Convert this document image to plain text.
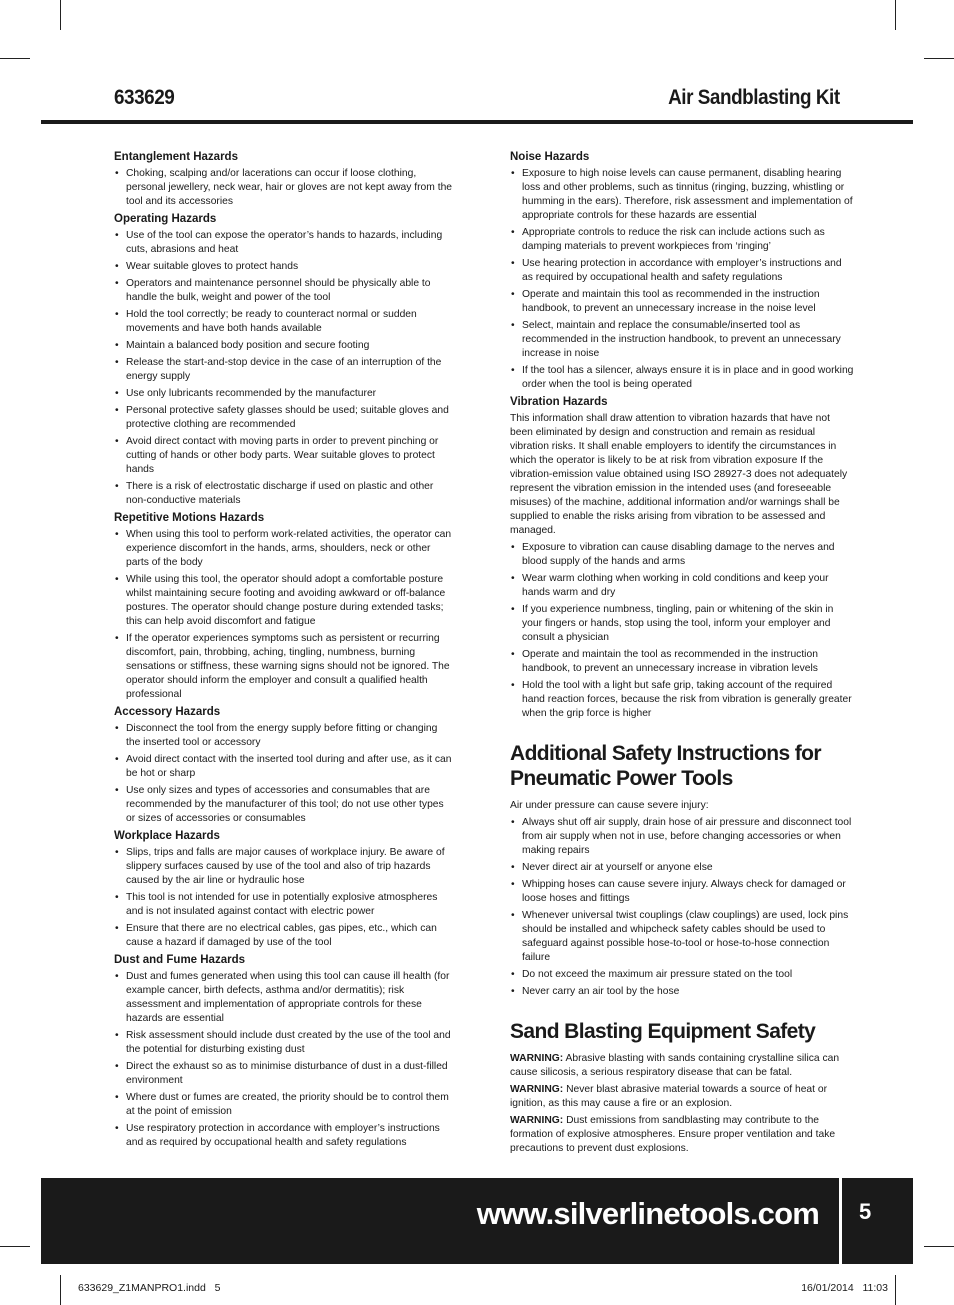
633629	Air Sandblasting Kit
Entanglement Hazards
• Choking, scalping and/or lacerations can occur if loose clothing, personal jewellery, neck wear, hair or gloves are not kept away from the tool and its accessories
Operating Hazards
• Use of the tool can expose the operator’s hands to hazards, including cuts, abrasions and heat
• Wear suitable gloves to protect hands
• Operators and maintenance personnel should be physically able to handle the bulk, weight and power of the tool
• Hold the tool correctly; be ready to counteract normal or sudden movements and have both hands available
• Maintain a balanced body position and secure footing
• Release the start-and-stop device in the case of an interruption of the energy supply
• Use only lubricants recommended by the manufacturer
• Personal protective safety glasses should be used; suitable gloves and protective clothing are recommended
• Avoid direct contact with moving parts in order to prevent pinching or cutting of hands or other body parts. Wear suitable gloves to protect hands
• There is a risk of electrostatic discharge if used on plastic and other non-conductive materials
Repetitive Motions Hazards
• When using this tool to perform work-related activities, the operator can experience discomfort in the hands, arms, shoulders, neck or other parts of the body
• While using this tool, the operator should adopt a comfortable posture whilst maintaining secure footing and avoiding awkward or off-balance postures. The operator should change posture during extended tasks; this can help avoid discomfort and fatigue
• If the operator experiences symptoms such as persistent or recurring discomfort, pain, throbbing, aching, tingling, numbness, burning sensations or stiffness, these warning signs should not be ignored. The operator should inform the employer and consult a qualified health professional
Accessory Hazards
• Disconnect the tool from the energy supply before fitting or changing the inserted tool or accessory
• Avoid direct contact with the inserted tool during and after use, as it can be hot or sharp
• Use only sizes and types of accessories and consumables that are recommended by the manufacturer of this tool; do not use other types or sizes of accessories or consumables
Workplace Hazards
• Slips, trips and falls are major causes of workplace injury. Be aware of slippery surfaces caused by use of the tool and also of trip hazards caused by the air line or hydraulic hose
• This tool is not intended for use in potentially explosive atmospheres and is not insulated against contact with electric power
• Ensure that there are no electrical cables, gas pipes, etc., which can cause a hazard if damaged by use of the tool
Dust and Fume Hazards
• Dust and fumes generated when using this tool can cause ill health (for example cancer, birth defects, asthma and/or dermatitis); risk assessment and implementation of appropriate controls for these hazards are essential
• Risk assessment should include dust created by the use of the tool and the potential for disturbing existing dust
• Direct the exhaust so as to minimise disturbance of dust in a dust-filled environment
• Where dust or fumes are created, the priority should be to control them at the point of emission
• Use respiratory protection in accordance with employer’s instructions and as required by occupational health and safety regulations
Noise Hazards
• Exposure to high noise levels can cause permanent, disabling hearing loss and other problems, such as tinnitus (ringing, buzzing, whistling or humming in the ears). Therefore, risk assessment and implementation of appropriate controls for these hazards are essential
• Appropriate controls to reduce the risk can include actions such as damping materials to prevent workpieces from ‘ringing’
• Use hearing protection in accordance with employer’s instructions and as required by occupational health and safety regulations
• Operate and maintain this tool as recommended in the instruction handbook, to prevent an unnecessary increase in the noise level
• Select, maintain and replace the consumable/inserted tool as recommended in the instruction handbook, to prevent an unnecessary increase in noise
• If the tool has a silencer, always ensure it is in place and in good working order when the tool is being operated
Vibration Hazards
This information shall draw attention to vibration hazards that have not been eliminated by design and construction and remain as residual vibration risks. It shall enable employers to identify the circumstances in which the operator is likely to be at risk from vibration exposure If the vibration-emission value obtained using ISO 28927-3 does not adequately represent the vibration emission in the intended uses (and foreseeable misuses) of the machine, additional information and/or warnings shall be supplied to enable the risks arising from vibration to be assessed and managed.
• Exposure to vibration can cause disabling damage to the nerves and blood supply of the hands and arms
• Wear warm clothing when working in cold conditions and keep your hands warm and dry
• If you experience numbness, tingling, pain or whitening of the skin in your fingers or hands, stop using the tool, inform your employer and consult a physician
• Operate and maintain the tool as recommended in the instruction handbook, to prevent an unnecessary increase in vibration levels
• Hold the tool with a light but safe grip, taking account of the required hand reaction forces, because the risk from vibration is generally greater when the grip force is higher
Additional Safety Instructions for Pneumatic Power Tools
Air under pressure can cause severe injury:
• Always shut off air supply, drain hose of air pressure and disconnect tool from air supply when not in use, before changing accessories or when making repairs
• Never direct air at yourself or anyone else
• Whipping hoses can cause severe injury. Always check for damaged or loose hoses and fittings
• Whenever universal twist couplings (claw couplings) are used, lock pins should be installed and whipcheck safety cables should be used to safeguard against possible hose-to-tool or hose-to-hose connection failure
• Do not exceed the maximum air pressure stated on the tool
• Never carry an air tool by the hose
Sand Blasting Equipment Safety
WARNING: Abrasive blasting with sands containing crystalline silica can cause silicosis, a serious respiratory disease that can be fatal.
WARNING: Never blast abrasive material towards a source of heat or ignition, as this may cause a fire or an explosion.
WARNING: Dust emissions from sandblasting may contribute to the formation of explosive atmospheres. Ensure proper ventilation and take precautions to prevent dust explosions.
www.silverlinetools.com 5
633629_Z1MANPRO1.indd   5	16/01/2014   11:03
